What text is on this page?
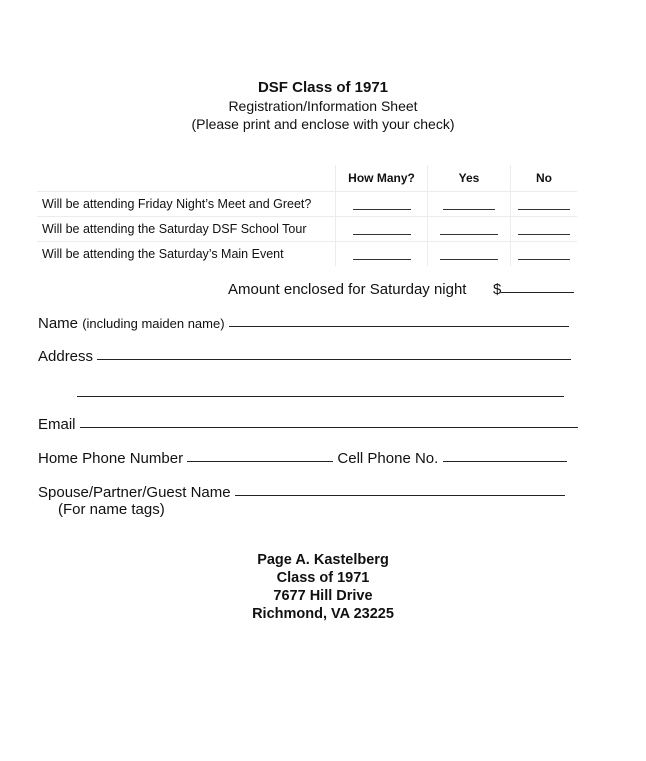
DSF Class of 1971
Registration/Information Sheet
(Please print and enclose with your check)
	How Many?	Yes	No
Will be attending Friday Night’s Meet and Greet?	

Will be attending the Saturday DSF School Tour	

Will be attending the Saturday’s Main Event	

Amount enclosed for Saturday night $
Name (including maiden name)
Address
Email
Home Phone Number	Cell Phone No.
Spouse/Partner/Guest Name
(For name tags)
Page A. Kastelberg
Class of 1971
7677 Hill Drive
Richmond, VA 23225
